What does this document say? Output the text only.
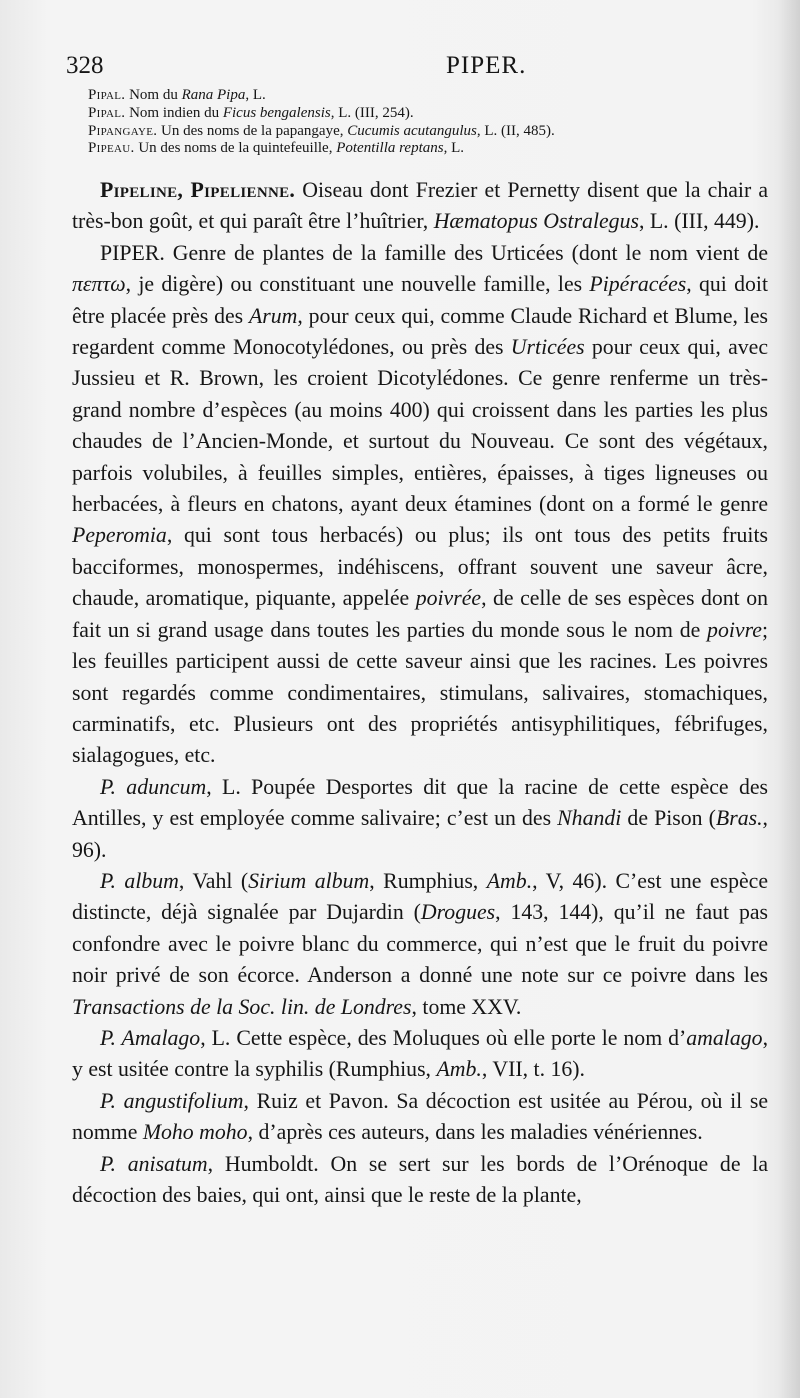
328	PIPER.

Pipal. Nom du Rana Pipa, L.

Pipal. Nom indien du Ficus bengalensis, L. (III, 254).

Pipangaye. Un des noms de la papangaye, Cucumis acutangulus, L. (II, 485).

Pipeau. Un des noms de la quintefeuille, Potentilla reptans, L.

Pipeline, Pipelienne. Oiseau dont Frezier et Pernetty disent que la chair a très-bon goût, et qui paraît être l’huîtrier, Hæmatopus Ostralegus, L. (III, 449).

PIPER. Genre de plantes de la famille des Urticées (dont le nom vient de πεπτω, je digère) ou constituant une nouvelle famille, les Pipéracées, qui doit être placée près des Arum, pour ceux qui, comme Claude Richard et Blume, les regardent comme Monocotylédones, ou près des Urticées pour ceux qui, avec Jussieu et R. Brown, les croient Dicotylédones. Ce genre renferme un très-grand nombre d’espèces (au moins 400) qui croissent dans les parties les plus chaudes de l’Ancien-Monde, et surtout du Nouveau. Ce sont des végétaux, parfois volubiles, à feuilles simples, entières, épaisses, à tiges ligneuses ou herbacées, à fleurs en chatons, ayant deux étamines (dont on a formé le genre Peperomia, qui sont tous herbacés) ou plus; ils ont tous des petits fruits bacciformes, monospermes, indéhiscens, offrant souvent une saveur âcre, chaude, aromatique, piquante, appelée poivrée, de celle de ses espèces dont on fait un si grand usage dans toutes les parties du monde sous le nom de poivre; les feuilles participent aussi de cette saveur ainsi que les racines. Les poivres sont regardés comme condimentaires, stimulans, salivaires, stomachiques, carminatifs, etc. Plusieurs ont des propriétés antisyphilitiques, fébrifuges, sialagogues, etc.

P. aduncum, L. Poupée Desportes dit que la racine de cette espèce des Antilles, y est employée comme salivaire; c’est un des Nhandi de Pison (Bras., 96).

P. album, Vahl (Sirium album, Rumphius, Amb., V, 46). C’est une espèce distincte, déjà signalée par Dujardin (Drogues, 143, 144), qu’il ne faut pas confondre avec le poivre blanc du commerce, qui n’est que le fruit du poivre noir privé de son écorce. Anderson a donné une note sur ce poivre dans les Transactions de la Soc. lin. de Londres, tome XXV.

P. Amalago, L. Cette espèce, des Moluques où elle porte le nom d’amalago, y est usitée contre la syphilis (Rumphius, Amb., VII, t. 16).

P. angustifolium, Ruiz et Pavon. Sa décoction est usitée au Pérou, où il se nomme Moho moho, d’après ces auteurs, dans les maladies vénériennes.

P. anisatum, Humboldt. On se sert sur les bords de l’Orénoque de la décoction des baies, qui ont, ainsi que le reste de la plante,
